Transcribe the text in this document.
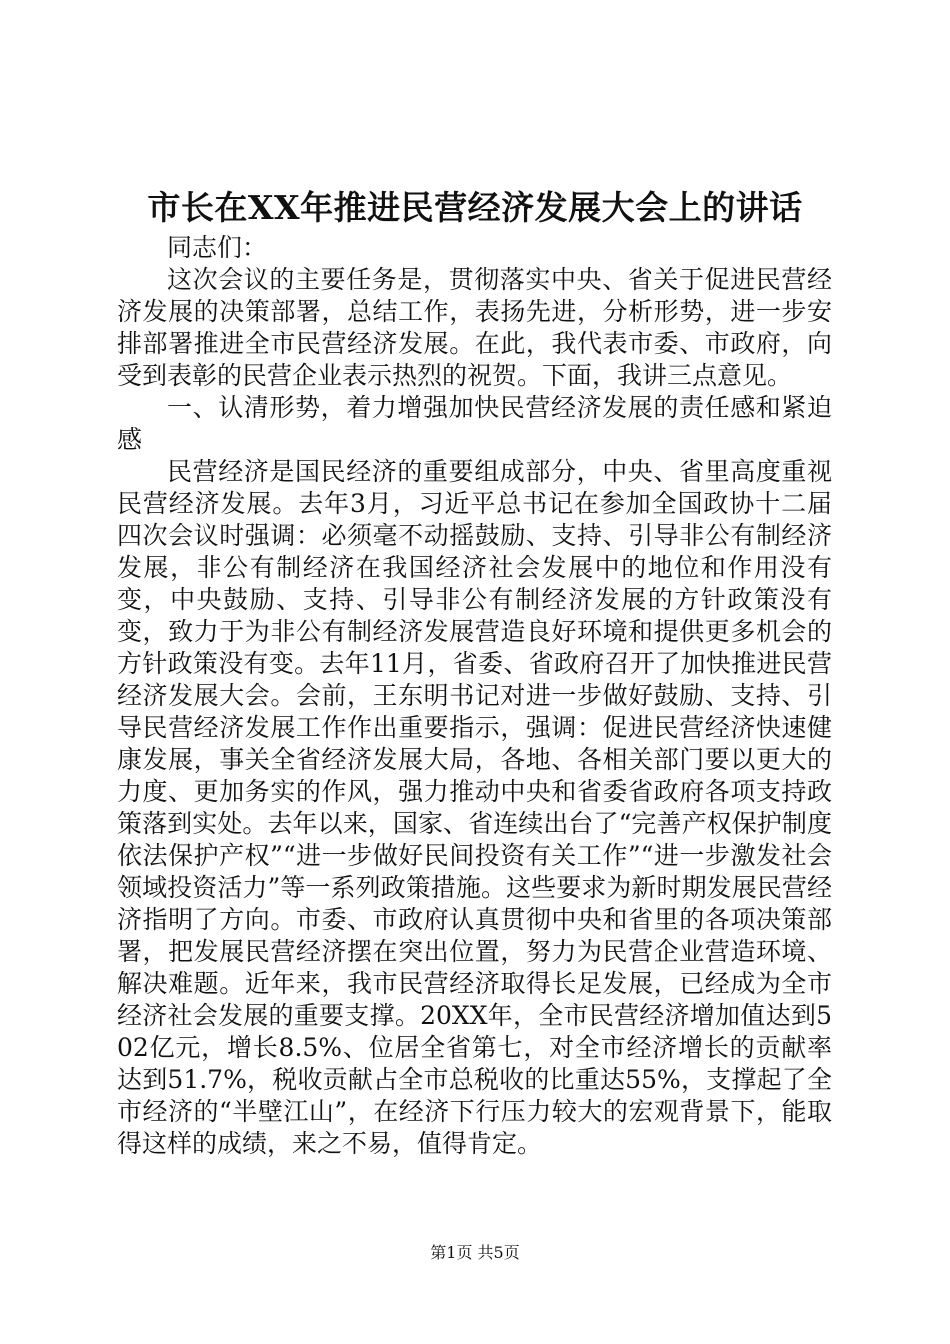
市长在XX年推进民营经济发展大会上的讲话

同志们：

这次会议的主要任务是，贯彻落实中央、省关于促进民营经济发展的决策部署，总结工作，表扬先进，分析形势，进一步安排部署推进全市民营经济发展。在此，我代表市委、市政府，向受到表彰的民营企业表示热烈的祝贺。下面，我讲三点意见。

一、认清形势，着力增强加快民营经济发展的责任感和紧迫感

民营经济是国民经济的重要组成部分，中央、省里高度重视民营经济发展。去年3月，习近平总书记在参加全国政协十二届四次会议时强调：必须毫不动摇鼓励、支持、引导非公有制经济发展，非公有制经济在我国经济社会发展中的地位和作用没有变，中央鼓励、支持、引导非公有制经济发展的方针政策没有变，致力于为非公有制经济发展营造良好环境和提供更多机会的方针政策没有变。去年11月，省委、省政府召开了加快推进民营经济发展大会。会前，王东明书记对进一步做好鼓励、支持、引导民营经济发展工作作出重要指示，强调：促进民营经济快速健康发展，事关全省经济发展大局，各地、各相关部门要以更大的力度、更加务实的作风，强力推动中央和省委省政府各项支持政策落到实处。去年以来，国家、省连续出台了“完善产权保护制度依法保护产权”“进一步做好民间投资有关工作”“进一步激发社会领域投资活力”等一系列政策措施。这些要求为新时期发展民营经济指明了方向。市委、市政府认真贯彻中央和省里的各项决策部署，把发展民营经济摆在突出位置，努力为民营企业营造环境、解决难题。近年来，我市民营经济取得长足发展，已经成为全市经济社会发展的重要支撑。20XX年，全市民营经济增加值达到502亿元，增长8.5%、位居全省第七，对全市经济增长的贡献率达到51.7%，税收贡献占全市总税收的比重达55%，支撑起了全市经济的“半壁江山”，在经济下行压力较大的宏观背景下，能取得这样的成绩，来之不易，值得肯定。

第1页 共5页
